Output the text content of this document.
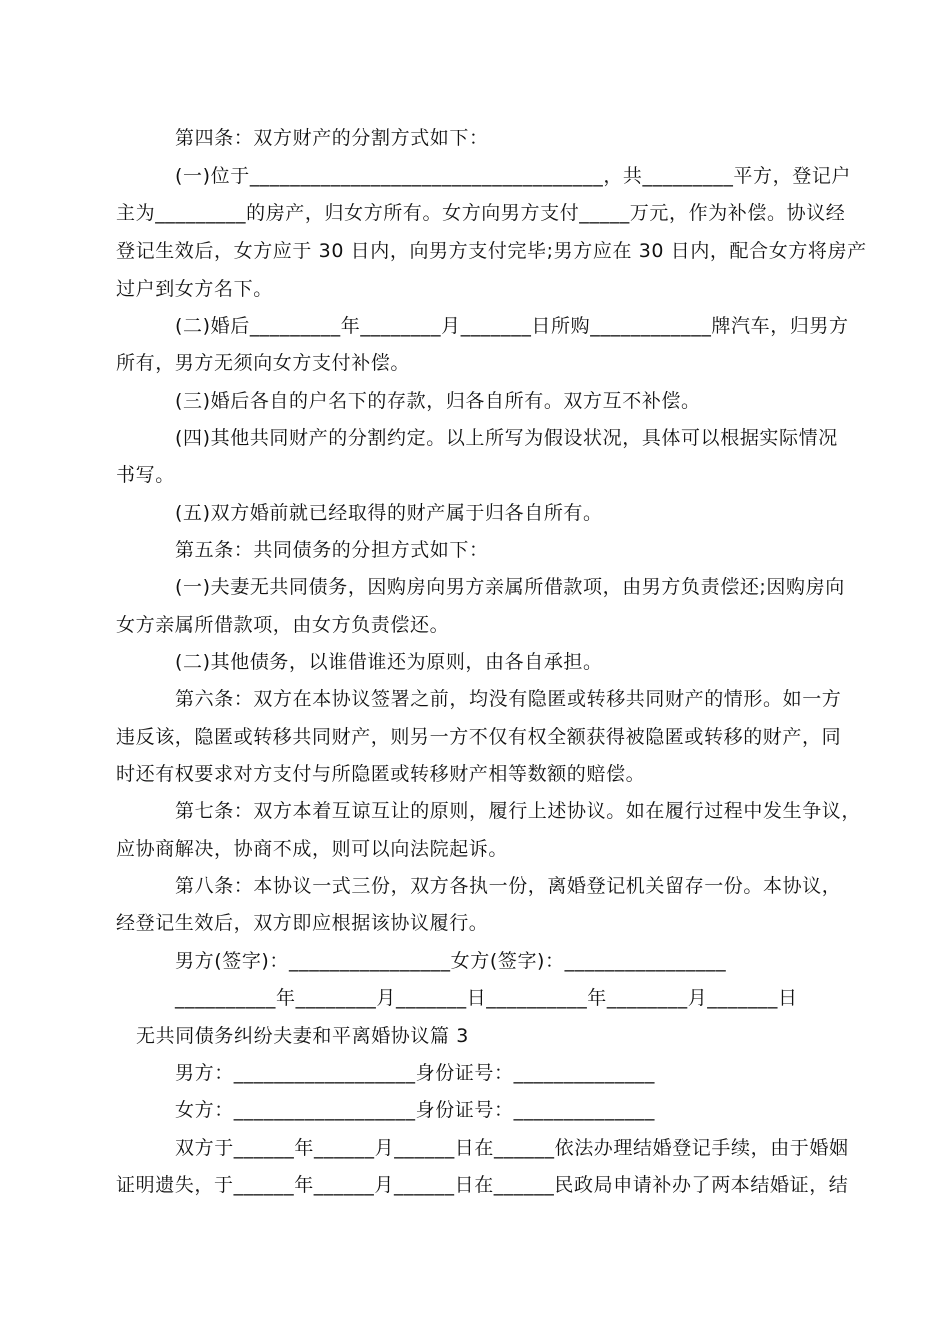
第四条：双方财产的分割方式如下：
(一)位于___________________________________，共_________平方，登记户
主为_________的房产，归女方所有。女方向男方支付_____万元，作为补偿。协议经
登记生效后，女方应于 30 日内，向男方支付完毕;男方应在 30 日内，配合女方将房产
过户到女方名下。
(二)婚后_________年________月_______日所购____________牌汽车，归男方
所有，男方无须向女方支付补偿。
(三)婚后各自的户名下的存款，归各自所有。双方互不补偿。
(四)其他共同财产的分割约定。以上所写为假设状况，具体可以根据实际情况
书写。
(五)双方婚前就已经取得的财产属于归各自所有。
第五条：共同债务的分担方式如下：
(一)夫妻无共同债务，因购房向男方亲属所借款项，由男方负责偿还;因购房向
女方亲属所借款项，由女方负责偿还。
(二)其他债务，以谁借谁还为原则，由各自承担。
第六条：双方在本协议签署之前，均没有隐匿或转移共同财产的情形。如一方
违反该，隐匿或转移共同财产，则另一方不仅有权全额获得被隐匿或转移的财产，同
时还有权要求对方支付与所隐匿或转移财产相等数额的赔偿。
第七条：双方本着互谅互让的原则，履行上述协议。如在履行过程中发生争议，
应协商解决，协商不成，则可以向法院起诉。
第八条：本协议一式三份，双方各执一份，离婚登记机关留存一份。本协议，
经登记生效后，双方即应根据该协议履行。
男方(签字)：________________女方(签字)：________________
__________年________月_______日__________年________月_______日
无共同债务纠纷夫妻和平离婚协议篇 3
男方：__________________身份证号：______________
女方：__________________身份证号：______________
双方于______年______月______日在______依法办理结婚登记手续，由于婚姻
证明遗失，于______年______月______日在______民政局申请补办了两本结婚证，结
